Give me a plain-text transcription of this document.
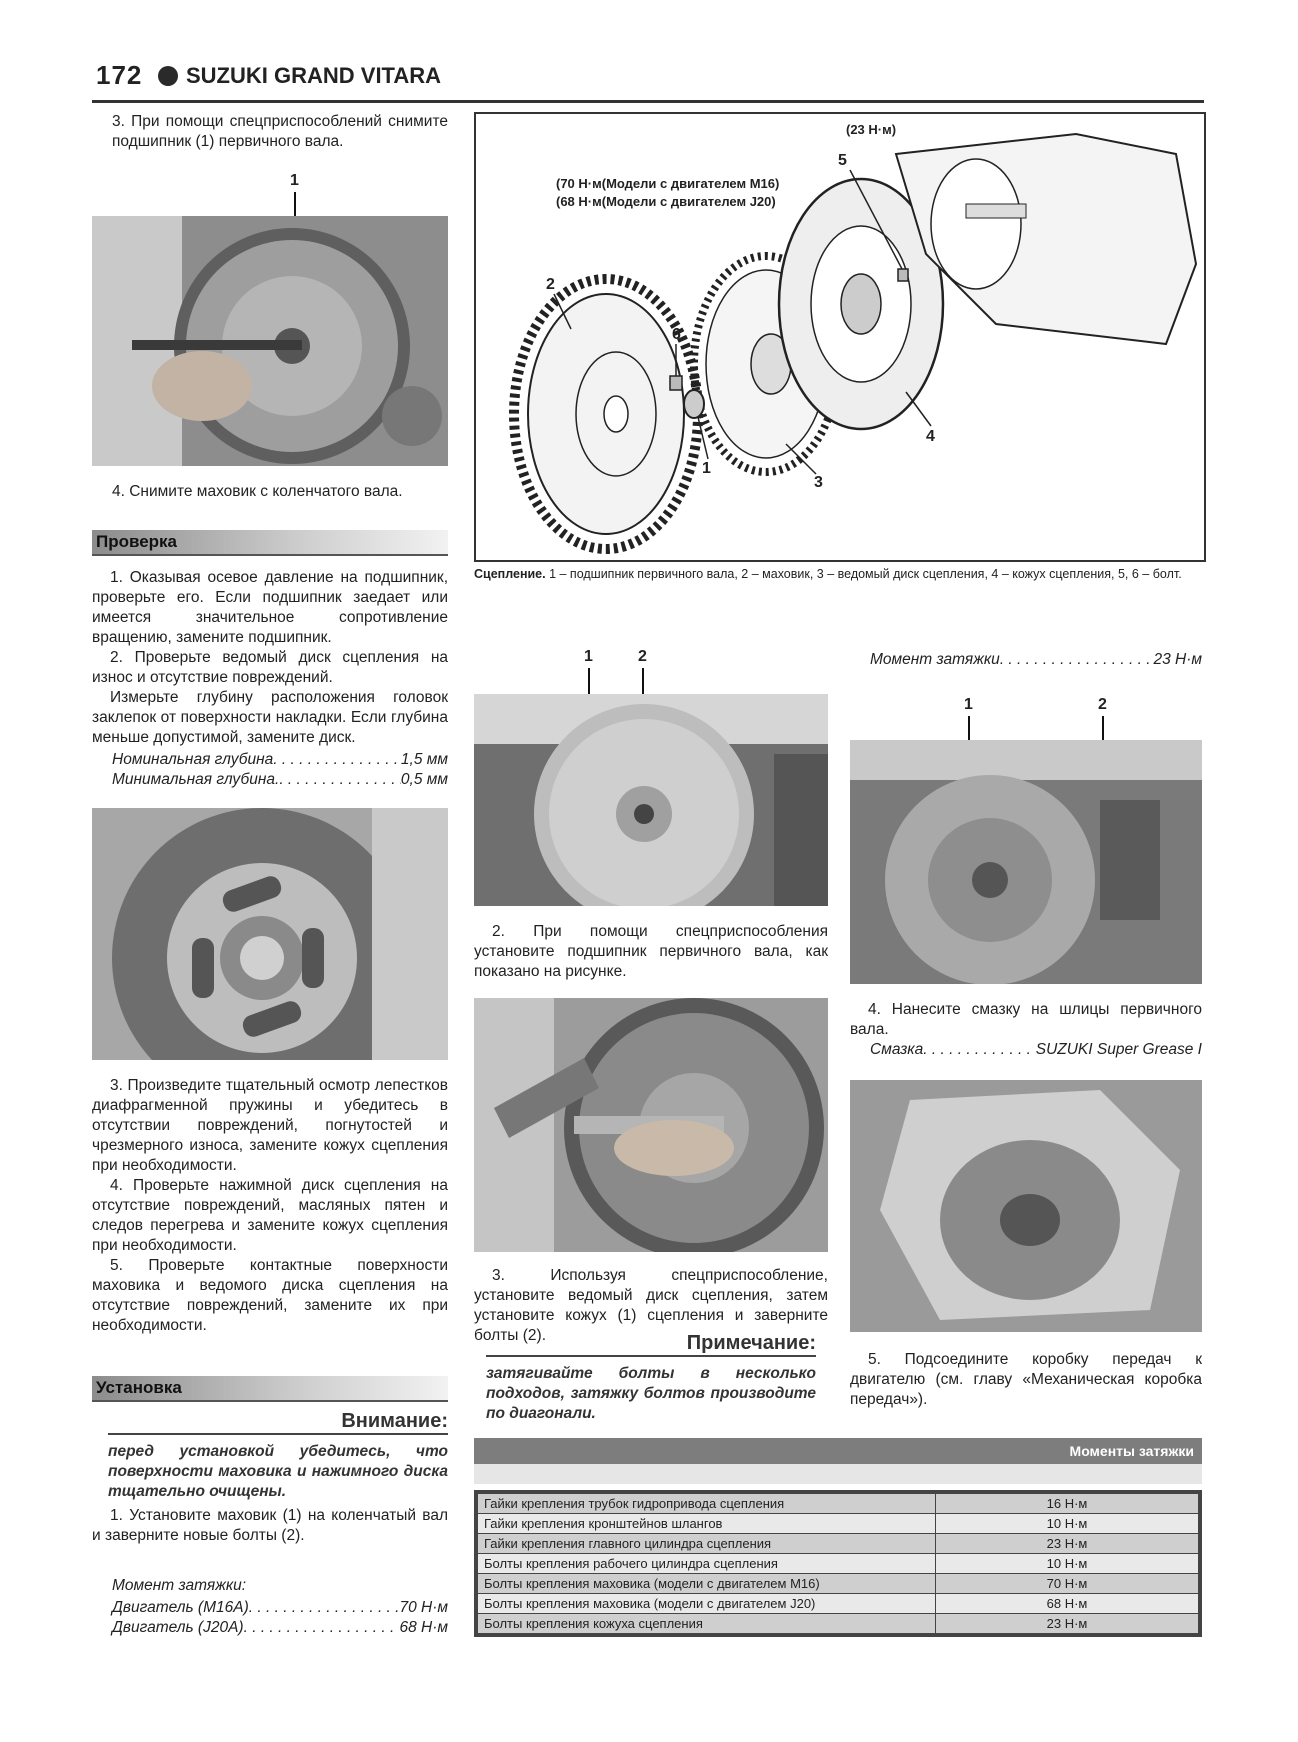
172 SUZUKI GRAND VITARA
3. При помощи спецприспособлений снимите подшипник (1) первичного вала.
1
4. Снимите маховик с коленчатого вала.
Проверка
1. Оказывая осевое давление на подшипник, проверьте его. Если подшипник заедает или имеется значительное сопротивление вращению, замените подшипник.
2. Проверьте ведомый диск сцепления на износ и отсутствие повреждений.
Измерьте глубину расположения головок заклепок от поверхности накладки. Если глубина меньше допустимой, замените диск.
Номинальная глубина . . .	1,5 мм
Минимальная глубина. . . .	0,5 мм
3. Произведите тщательный осмотр лепестков диафрагменной пружины и убедитесь в отсутствии повреждений, погнутостей и чрезмерного износа, замените кожух сцепления при необходимости.
4. Проверьте нажимной диск сцепления на отсутствие повреждений, масляных пятен и следов перегрева и замените кожух сцепления при необходимости.
5. Проверьте контактные поверхности маховика и ведомого диска сцепления на отсутствие повреждений, замените их при необходимости.
Установка
Внимание:
перед установкой убедитесь, что поверхности маховика и нажимного диска тщательно очищены.
1. Установите маховик (1) на коленчатый вал и заверните новые болты (2).
Момент затяжки:
Двигатель (M16A) . . .	70 Н·м
Двигатель (J20A) . . .	68 Н·м
(23 Н·м)
(70 Н·м(Модели с двигателем M16)
(68 Н·м(Модели с двигателем J20)
1
2
3
4
5
6
Сцепление. 1 – подшипник первичного вала, 2 – маховик, 3 – ведомый диск сцепления, 4 – кожух сцепления, 5, 6 – болт.
1	2
2. При помощи спецприспособления установите подшипник первичного вала, как показано на рисунке.
3. Используя спецприспособление, установите ведомый диск сцепления, затем установите кожух (1) сцепления и заверните болты (2).	Примечание:
затягивайте болты в несколько подходов, затяжку болтов производите по диагонали.
Момент затяжки . . .	23 Н·м
1	2
4. Нанесите смазку на шлицы первичного вала.
Смазка . . .	SUZUKI Super Grease I
5. Подсоедините коробку передач к двигателю (см. главу «Механическая коробка передач»).
Моменты затяжки
Гайки крепления трубок гидропривода сцепления	16 Н·м
Гайки крепления кронштейнов шлангов	10 Н·м
Гайки крепления главного цилиндра сцепления	23 Н·м
Болты крепления рабочего цилиндра сцепления	10 Н·м
Болты крепления маховика (модели с двигателем M16)	70 Н·м
Болты крепления маховика (модели с двигателем J20)	68 Н·м
Болты крепления кожуха сцепления	23 Н·м
